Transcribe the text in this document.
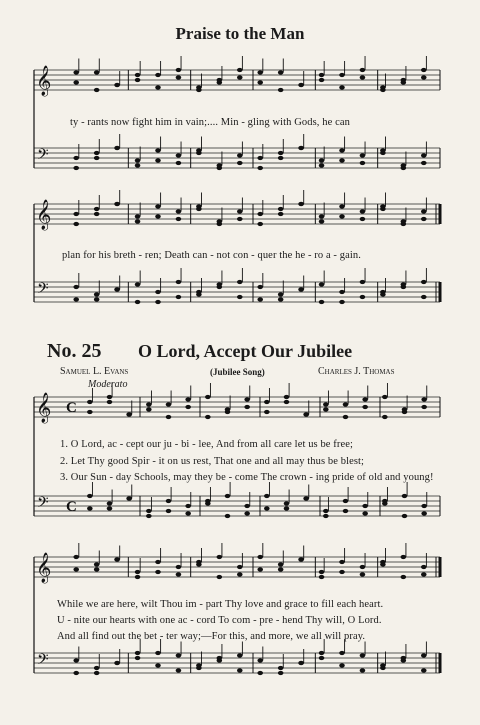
Praise to the Man
𝄞
𝄢
𝄞
𝄢
𝄞
𝄢
C
C
𝄞
𝄢
ty - rants now fight him in vain;.... Min - gling with Gods, he can
plan for his breth - ren; Death can - not con - quer the he - ro a - gain.
No. 25 O Lord, Accept Our Jubilee
Samuel L. Evans	(Jubilee Song)	Charles J. Thomas
Moderato
1. O Lord, ac - cept our ju - bi - lee, And from all care let us be free;
2. Let Thy good Spir - it on us rest, That one and all may thus be blest;
3. Our Sun - day Schools, may they be - come The crown - ing pride of old and young!
While we are here, wilt Thou im - part Thy love and grace to fill each heart.
U - nite our hearts with one ac - cord To com - pre - hend Thy will, O Lord.
And all find out the bet - ter way;—For this, and more, we all will pray.
